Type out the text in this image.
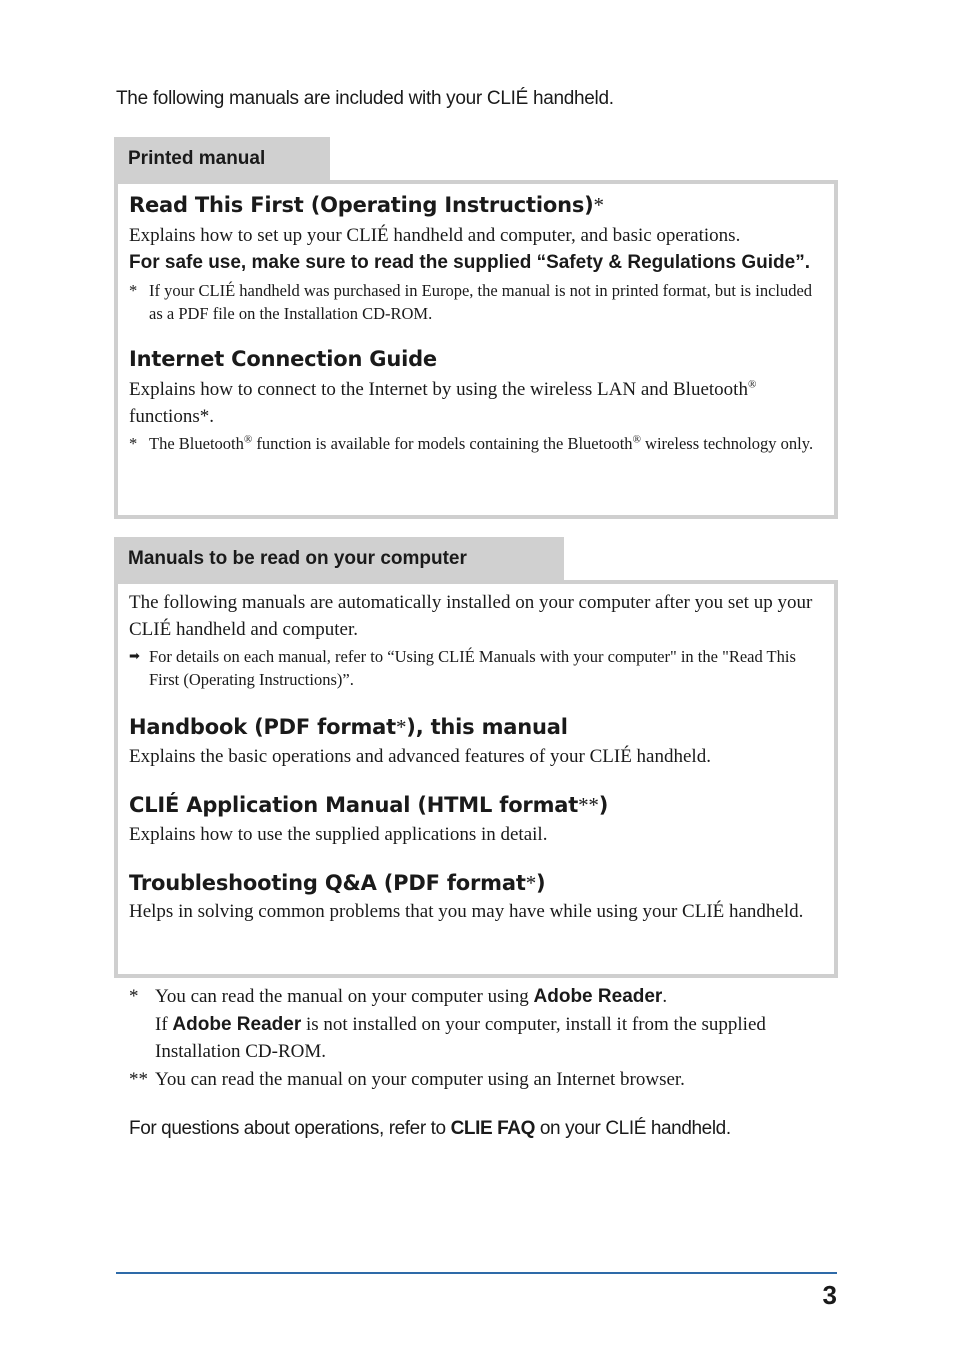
The following manuals are included with your CLIÉ handheld.
Printed manual
Read This First (Operating Instructions)*

Explains how to set up your CLIÉ handheld and computer, and basic operations.

For safe use, make sure to read the supplied “Safety & Regulations Guide”.

* If your CLIÉ handheld was purchased in Europe, the manual is not in printed format, but is included as a PDF file on the Installation CD-ROM.

Internet Connection Guide

Explains how to connect to the Internet by using the wireless LAN and Bluetooth®
functions*.

* The Bluetooth® function is available for models containing the Bluetooth® wireless technology only.

Manuals to be read on your computer

The following manuals are automatically installed on your computer after you set up your CLIÉ handheld and computer.

➡ For details on each manual, refer to “Using CLIÉ Manuals with your computer" in the "Read This First (Operating Instructions)”.

Handbook (PDF format*), this manual

Explains the basic operations and advanced features of your CLIÉ handheld.

CLIÉ Application Manual (HTML format**)

Explains how to use the supplied applications in detail.

Troubleshooting Q&A (PDF format*)

Helps in solving common problems that you may have while using your CLIÉ handheld.

* You can read the manual on your computer using Adobe Reader.
If Adobe Reader is not installed on your computer, install it from the supplied Installation CD-ROM.
** You can read the manual on your computer using an Internet browser.
For questions about operations, refer to CLIE FAQ on your CLIÉ handheld.
3
